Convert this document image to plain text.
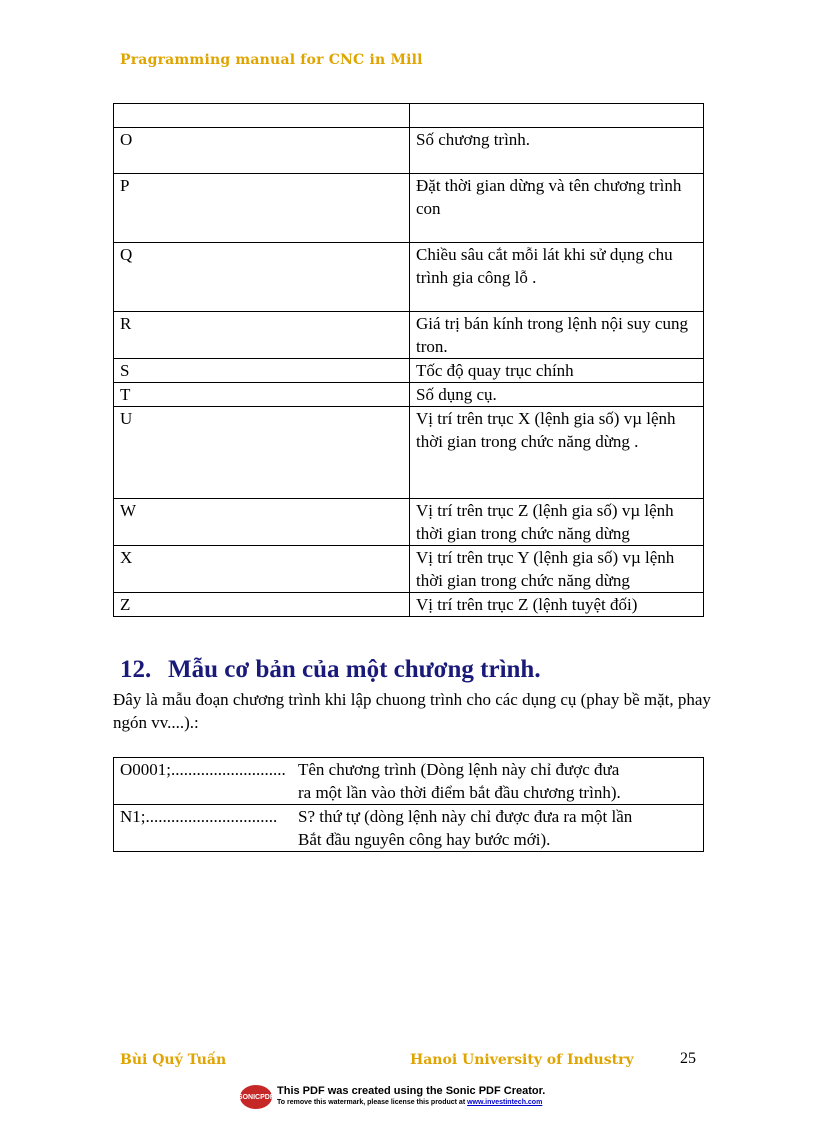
Pragramming manual for CNC in Mill

O	Số chương trình.
P	Đặt thời gian dừng và tên chương trình con
Q	Chiều sâu cắt mỗi lát khi sử dụng chu trình gia công lỗ .
R	Giá trị bán kính trong lệnh nội suy cung tron.
S	Tốc độ quay trục chính
T	Số dụng cụ.
U	Vị trí trên trục X (lệnh gia số) vµ lệnh thời gian trong chức năng dừng .
W	Vị trí trên trục Z (lệnh gia số) vµ lệnh thời gian trong chức năng dừng
X	Vị trí trên trục Y (lệnh gia số) vµ lệnh thời gian trong chức năng dừng
Z	Vị trí trên trục Z (lệnh tuyệt đối)
12. Mẫu cơ bản của một chương trình.

Đây là mẫu đoạn chương trình khi lập chuong trình cho các dụng cụ (phay bề mặt, phay ngón vv....).:

O0001;........................... Tên chương trình (Dòng lệnh này chỉ được đưa
ra một lần vào thời điểm bắt đầu chương trình).

N1;...............................	S? thứ tự (dòng lệnh này chỉ được đưa ra một lần
Bắt đầu nguyên công hay bước mới).
Bùi Quý Tuấn	Hanoi University of Industry	25
SONICPDF This PDF was created using the Sonic PDF Creator.
To remove this watermark, please license this product at www.investintech.com
